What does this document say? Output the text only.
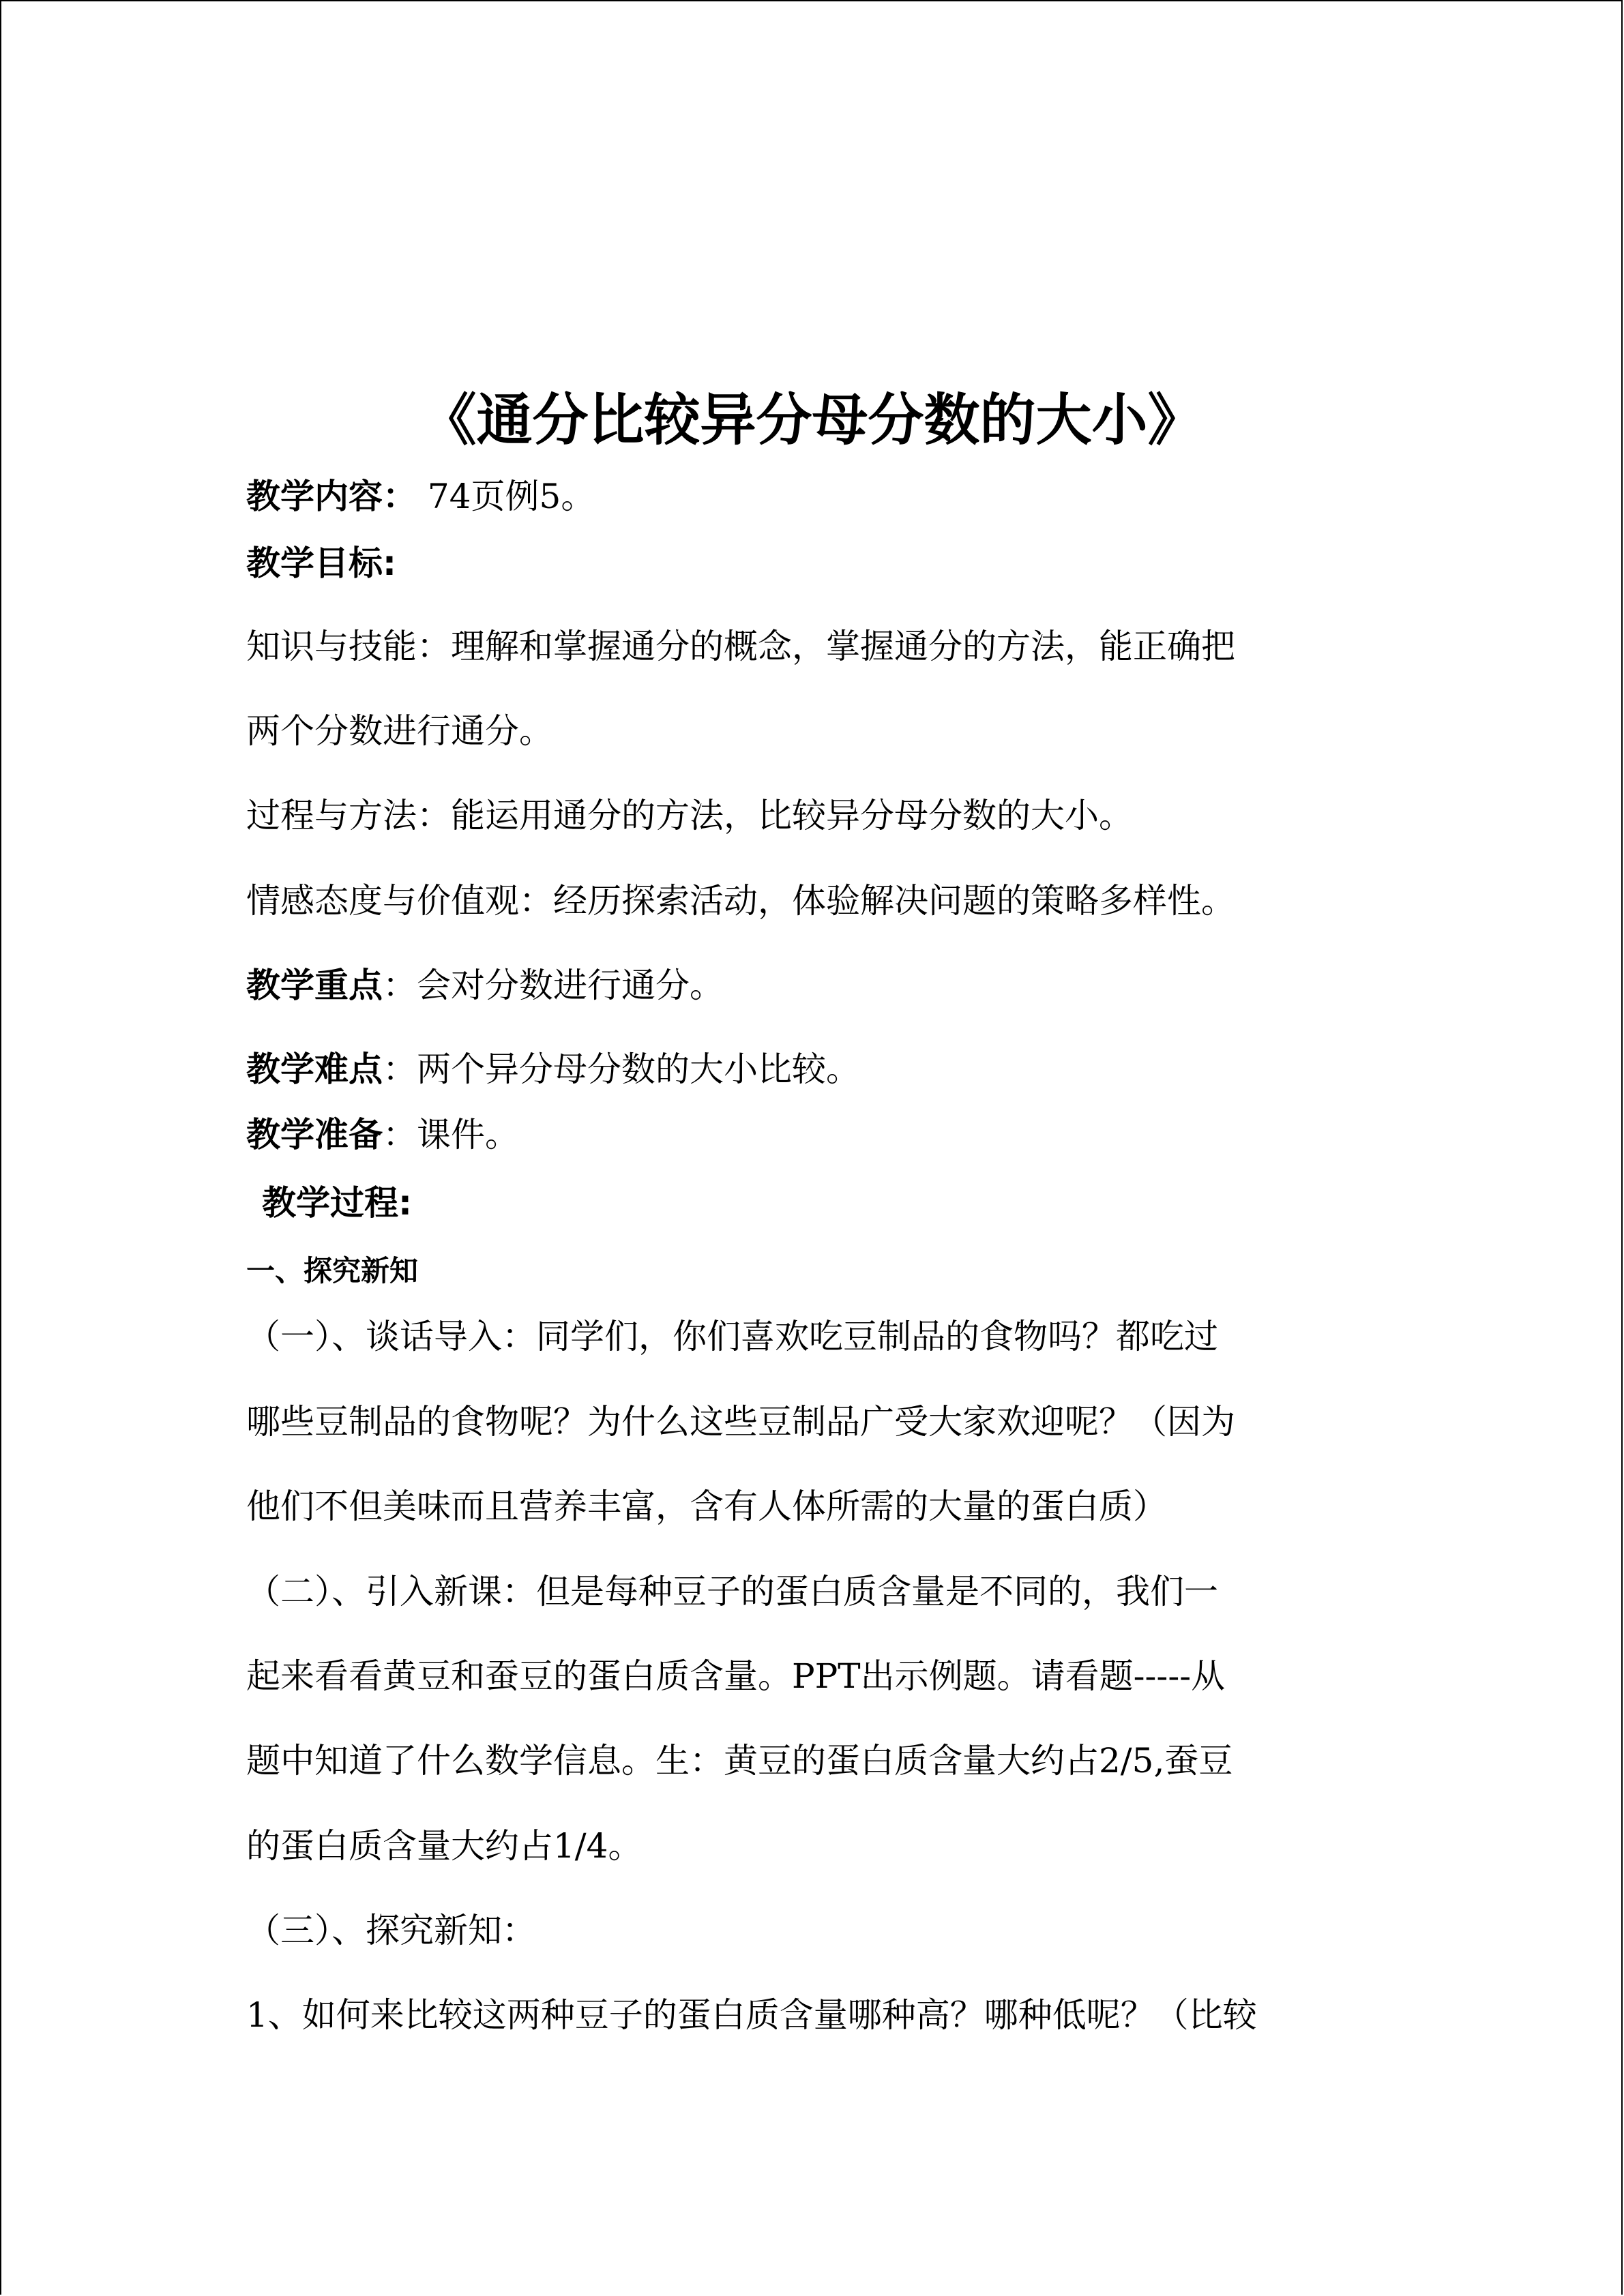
《通分比较异分母分数的大小》
教学内容： 74页例5。
教学目标:
知识与技能：理解和掌握通分的概念，掌握通分的方法，能正确把
两个分数进行通分。
过程与方法：能运用通分的方法，比较异分母分数的大小。
情感态度与价值观：经历探索活动，体验解决问题的策略多样性。
教学重点：会对分数进行通分。
教学难点：两个异分母分数的大小比较。
教学准备：课件。
教学过程:
一、探究新知
（一）、谈话导入：同学们，你们喜欢吃豆制品的食物吗？都吃过
哪些豆制品的食物呢？为什么这些豆制品广受大家欢迎呢？（因为
他们不但美味而且营养丰富，含有人体所需的大量的蛋白质）
（二）、引入新课：但是每种豆子的蛋白质含量是不同的，我们一
起来看看黄豆和蚕豆的蛋白质含量。PPT出示例题。请看题-----从
题中知道了什么数学信息。生：黄豆的蛋白质含量大约占2/5,蚕豆
的蛋白质含量大约占1/4。
（三）、探究新知：
1、如何来比较这两种豆子的蛋白质含量哪种高？哪种低呢？（比较
